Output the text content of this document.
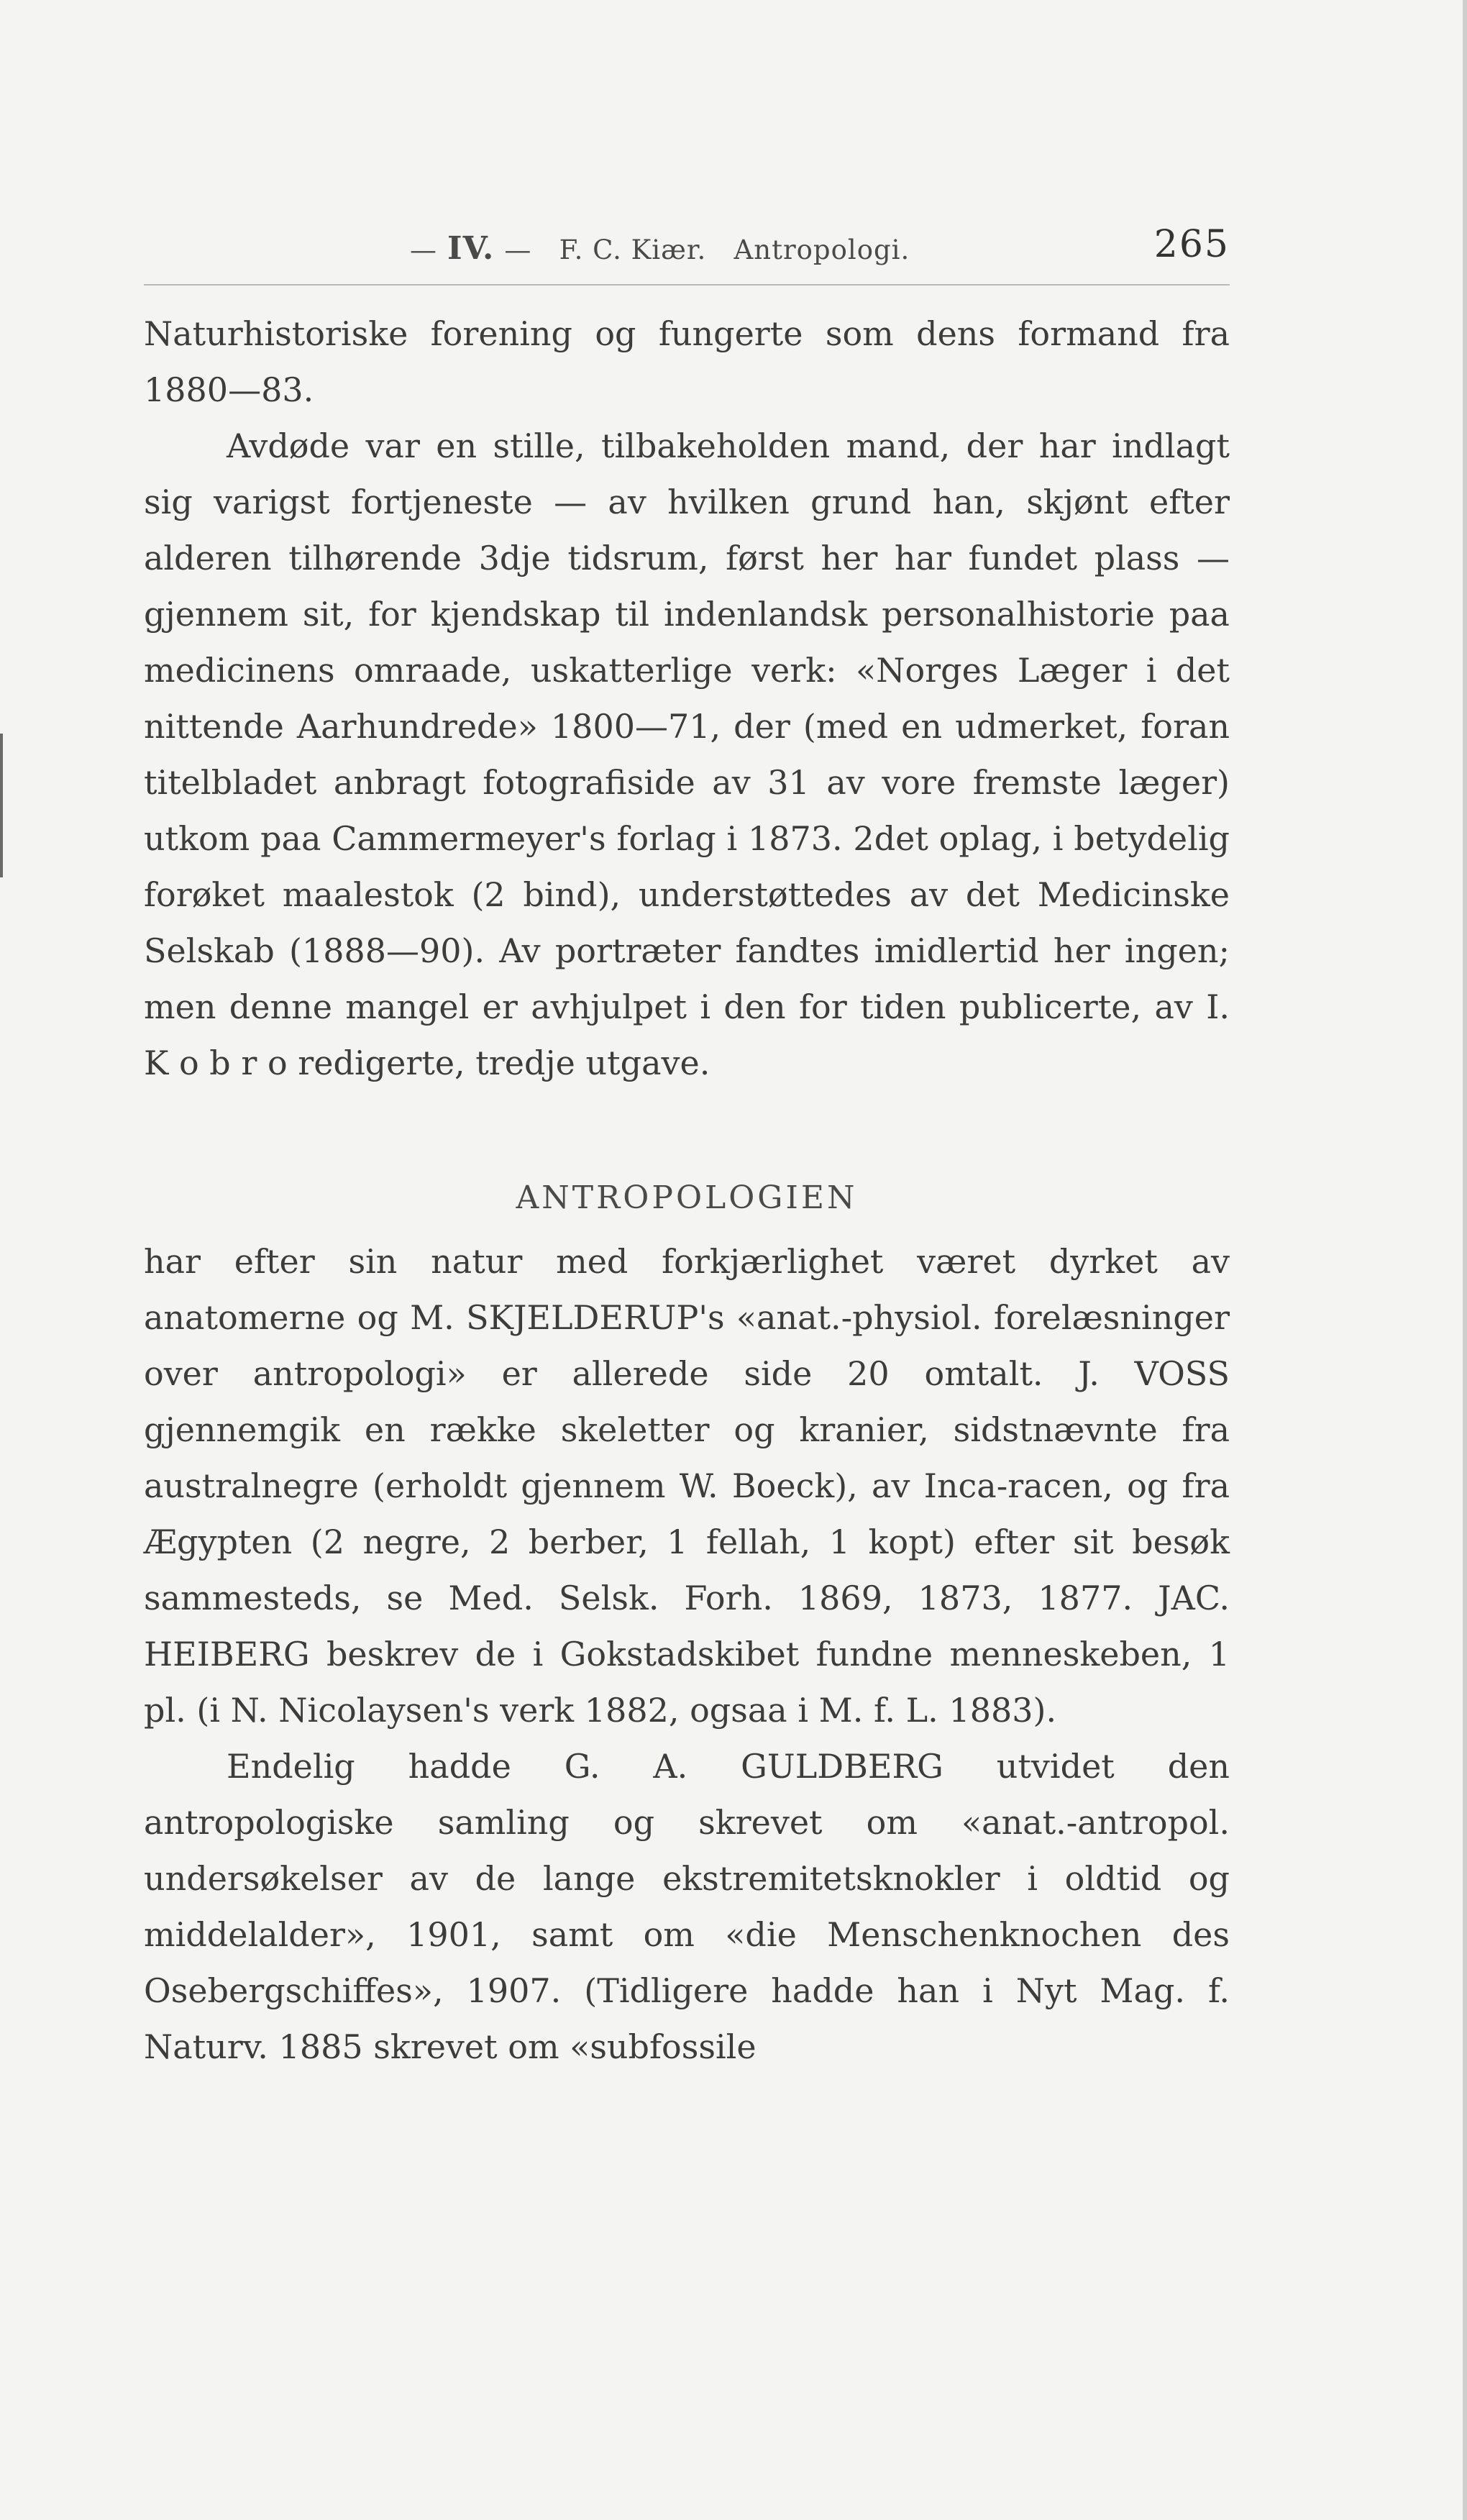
— IV. — F. C. Kiær. Antropologi.	265

Naturhistoriske forening og fungerte som dens formand fra 1880—83.

Avdøde var en stille, tilbakeholden mand, der har indlagt sig varigst fortjeneste — av hvilken grund han, skjønt efter alderen tilhørende 3dje tidsrum, først her har fundet plass — gjennem sit, for kjendskap til indenlandsk personalhistorie paa medicinens omraade, uskatterlige verk: «Norges Læger i det nittende Aarhundrede» 1800—71, der (med en udmerket, foran titelbladet anbragt fotografiside av 31 av vore fremste læger) utkom paa Cammermeyer's forlag i 1873. 2det oplag, i betydelig forøket maalestok (2 bind), understøttedes av det Medicinske Selskab (1888—90). Av portræter fandtes imidlertid her ingen; men denne mangel er avhjulpet i den for tiden publicerte, av I. K o b r o redigerte, tredje utgave.

ANTROPOLOGIEN

har efter sin natur med forkjærlighet været dyrket av anatomerne og M. SKJELDERUP's «anat.-physiol. forelæsninger over antropologi» er allerede side 20 omtalt. J. VOSS gjennemgik en række skeletter og kranier, sidstnævnte fra australnegre (erholdt gjennem W. Boeck), av Inca-racen, og fra Ægypten (2 negre, 2 berber, 1 fellah, 1 kopt) efter sit besøk sammesteds, se Med. Selsk. Forh. 1869, 1873, 1877. JAC. HEIBERG beskrev de i Gokstadskibet fundne menneskeben, 1 pl. (i N. Nicolaysen's verk 1882, ogsaa i M. f. L. 1883).

Endelig hadde G. A. GULDBERG utvidet den antropologiske samling og skrevet om «anat.-antropol. undersøkelser av de lange ekstremitetsknokler i oldtid og middelalder», 1901, samt om «die Menschenknochen des Osebergschiffes», 1907. (Tidligere hadde han i Nyt Mag. f. Naturv. 1885 skrevet om «subfossile
